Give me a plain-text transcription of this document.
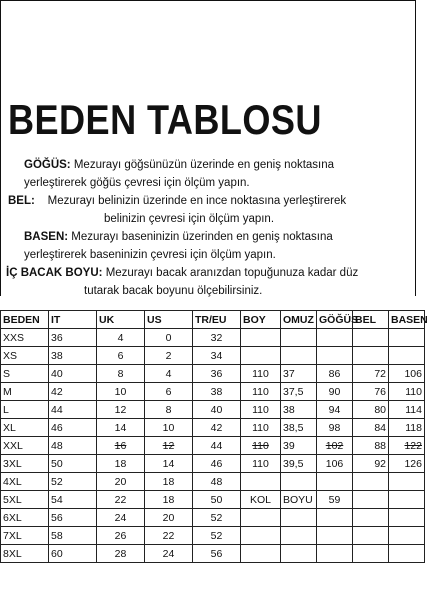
BEDEN TABLOSU
GÖĞÜS: Mezurayı göğsünüzün üzerinde en geniş noktasına
yerleştirerek göğüs çevresi için ölçüm yapın.
BEL: Mezurayı belinizin üzerinde en ince noktasına yerleştirerek
belinizin çevresi için ölçüm yapın.
BASEN: Mezurayı baseninizin üzerinden en geniş noktasına
yerleştirerek baseninizin çevresi için ölçüm yapın.
İÇ BACAK BOYU: Mezurayı bacak aranızdan topuğunuza kadar düz
tutarak bacak boyunu ölçebilirsiniz.
BEDEN	IT	UK	US	TR/EU	BOY	OMUZ	GÖĞÜS	BEL	BASEN
XXS	36	4	0	32					
XS	38	6	2	34					
S	40	8	4	36	110	37	86	72	106
M	42	10	6	38	110	37,5	90	76	110
L	44	12	8	40	110	38	94	80	114
XL	46	14	10	42	110	38,5	98	84	118
XXL	48	16	12	44	110	39	102	88	122
3XL	50	18	14	46	110	39,5	106	92	126
4XL	52	20	18	48					
5XL	54	22	18	50	KOL	BOYU	59		
6XL	56	24	20	52					
7XL	58	26	22	52					
8XL	60	28	24	56					
